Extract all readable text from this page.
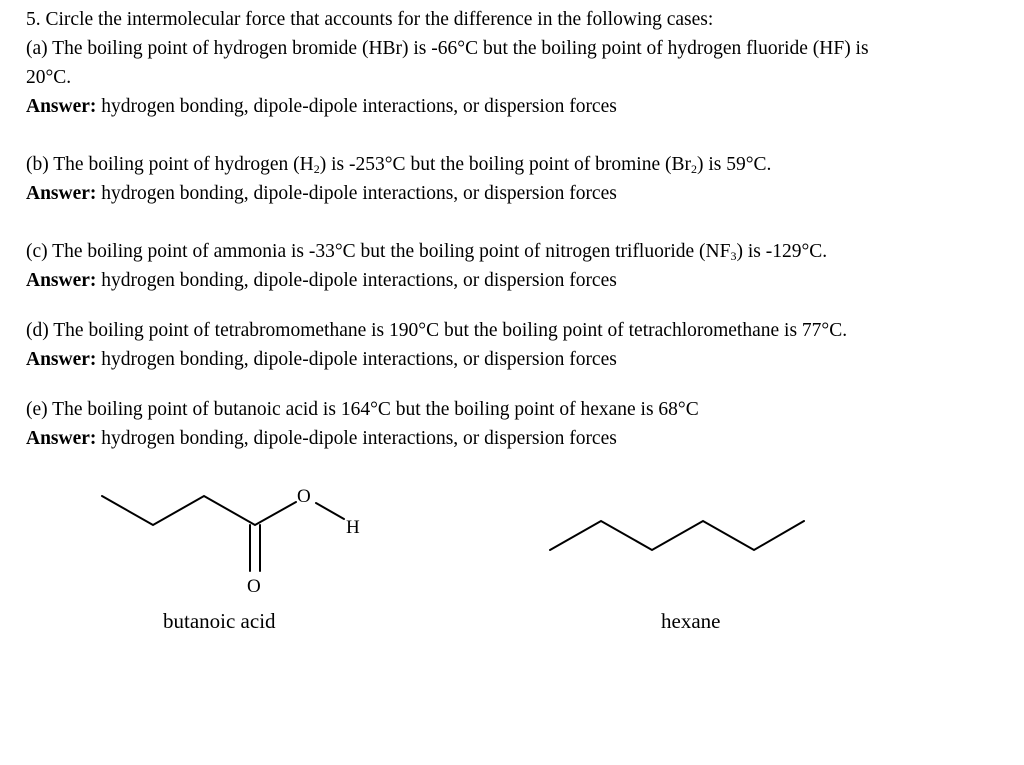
5. Circle the intermolecular force that accounts for the difference in the following cases:
(a) The boiling point of hydrogen bromide (HBr) is -66°C but the boiling point of hydrogen fluoride (HF) is
20°C.
Answer: hydrogen bonding, dipole-dipole interactions, or dispersion forces
(b) The boiling point of hydrogen $(H_2)$ is -253°C but the boiling point of bromine $(Br_2)$ is 59°C.
Answer: hydrogen bonding, dipole-dipole interactions, or dispersion forces
(c) The boiling point of ammonia is -33°C but the boiling point of nitrogen trifluoride $(NF_3)$ is -129°C.
Answer: hydrogen bonding, dipole-dipole interactions, or dispersion forces
(d) The boiling point of tetrabromomethane is 190°C but the boiling point of tetrachloromethane is 77°C.
Answer: hydrogen bonding, dipole-dipole interactions, or dispersion forces
(e) The boiling point of butanoic acid is 164°C but the boiling point of hexane is 68°C
Answer: hydrogen bonding, dipole-dipole interactions, or dispersion forces
O
H
O
butanoic acid	hexane
